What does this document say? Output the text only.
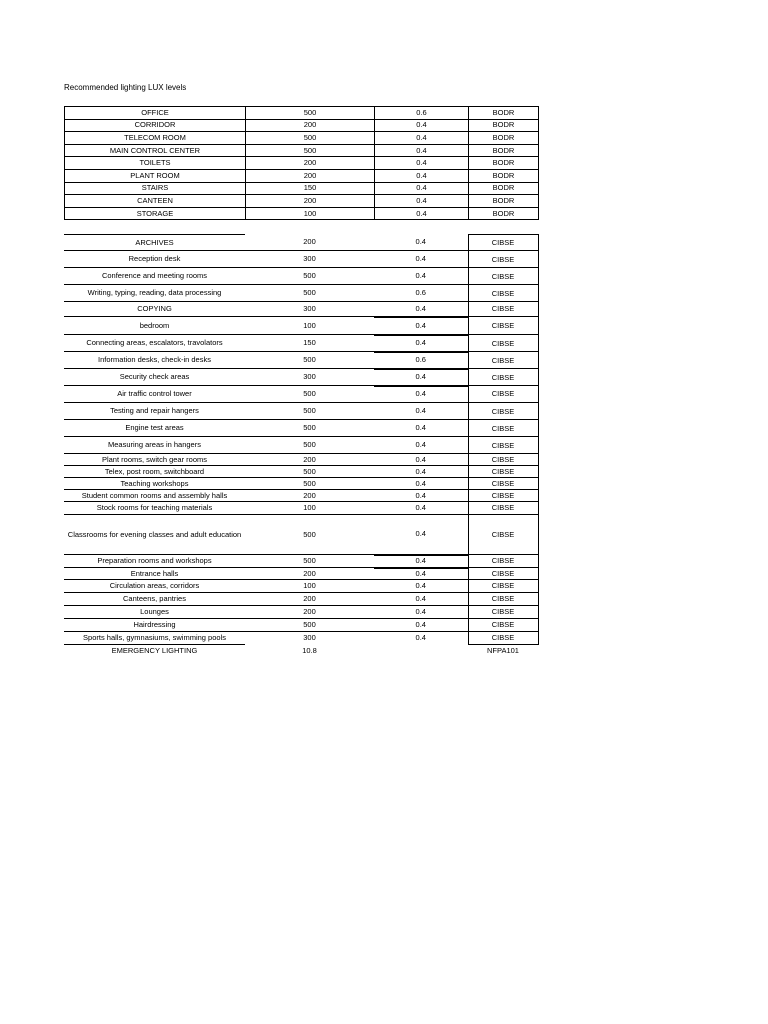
Recommended lighting LUX levels
OFFICE	500	0.6	BODR
CORRIDOR	200	0.4	BODR
TELECOM ROOM	500	0.4	BODR
MAIN CONTROL CENTER	500	0.4	BODR
TOILETS	200	0.4	BODR
PLANT ROOM	200	0.4	BODR
STAIRS	150	0.4	BODR
CANTEEN	200	0.4	BODR
STORAGE	100	0.4	BODR
ARCHIVES	200	0.4	CIBSE
Reception desk	300	0.4	CIBSE
Conference and meeting rooms	500	0.4	CIBSE
Writing, typing, reading, data processing	500	0.6	CIBSE
COPYING	300	0.4	CIBSE
bedroom	100	0.4	CIBSE
Connecting areas, escalators, travolators	150	0.4	CIBSE
Information desks, check-in desks	500	0.6	CIBSE
Security check areas	300	0.4	CIBSE
Air traffic control tower	500	0.4	CIBSE
Testing and repair hangers	500	0.4	CIBSE
Engine test areas	500	0.4	CIBSE
Measuring areas in hangers	500	0.4	CIBSE
Plant rooms, switch gear rooms	200	0.4	CIBSE
Telex, post room, switchboard	500	0.4	CIBSE
Teaching workshops	500	0.4	CIBSE
Student common rooms and assembly halls	200	0.4	CIBSE
Stock rooms for teaching materials	100	0.4	CIBSE
Classrooms for evening classes and adult education	500	0.4	CIBSE
Preparation rooms and workshops	500	0.4	CIBSE
Entrance halls	200	0.4	CIBSE
Circulation areas, corridors	100	0.4	CIBSE
Canteens, pantries	200	0.4	CIBSE
Lounges	200	0.4	CIBSE
Hairdressing	500	0.4	CIBSE
Sports halls, gymnasiums, swimming pools	300	0.4	CIBSE
EMERGENCY LIGHTING	10.8		NFPA101
